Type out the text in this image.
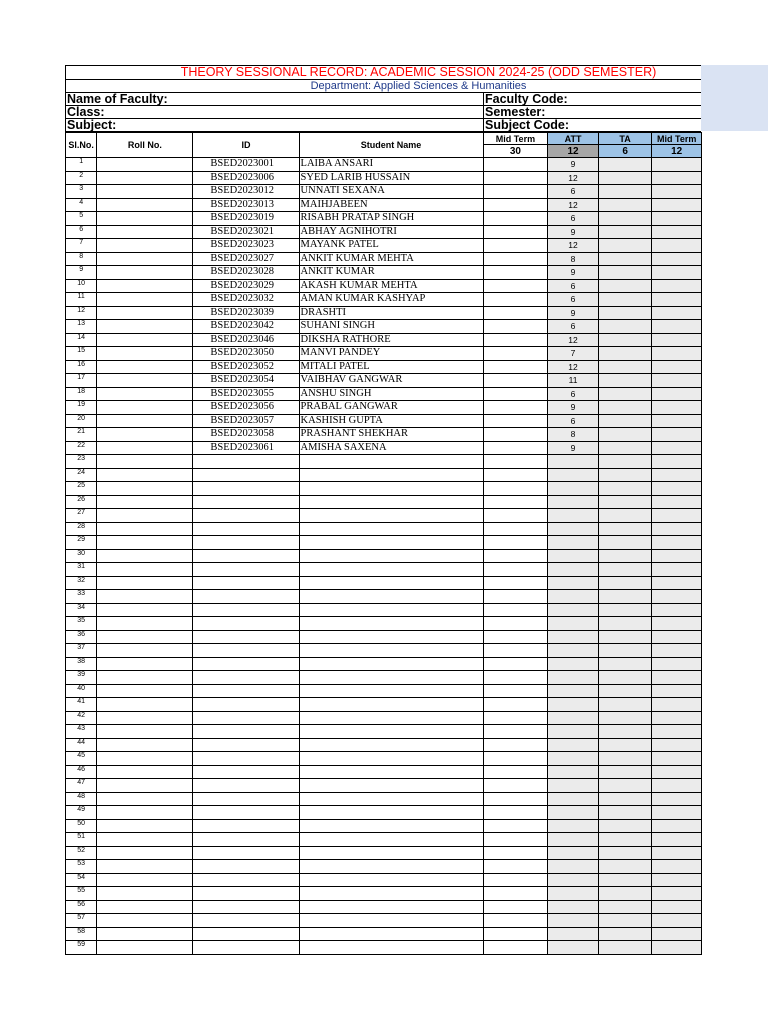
THEORY SESSIONAL RECORD: ACADEMIC SESSION 2024-25 (ODD SEMESTER)
Department: Applied Sciences & Humanities
Name of Faculty:	Faculty Code:
Class:	Semester:
Subject:	Subject Code:
Sl.No.	Roll No.	ID	Student Name	Mid Term	ATT	TA	Mid Term
				30	12	6	12
1		BSED2023001	LAIBA ANSARI		9		
2		BSED2023006	SYED LARIB HUSSAIN		12		
3		BSED2023012	UNNATI SEXANA		6		
4		BSED2023013	MAIHJABEEN		12		
5		BSED2023019	RISABH PRATAP SINGH		6		
6		BSED2023021	ABHAY AGNIHOTRI		9		
7		BSED2023023	MAYANK PATEL		12		
8		BSED2023027	ANKIT KUMAR MEHTA		8		
9		BSED2023028	ANKIT KUMAR		9		
10		BSED2023029	AKASH KUMAR MEHTA		6		
11		BSED2023032	AMAN KUMAR KASHYAP		6		
12		BSED2023039	DRASHTI		9		
13		BSED2023042	SUHANI SINGH		6		
14		BSED2023046	DIKSHA RATHORE		12		
15		BSED2023050	MANVI PANDEY		7		
16		BSED2023052	MITALI PATEL		12		
17		BSED2023054	VAIBHAV GANGWAR		11		
18		BSED2023055	ANSHU SINGH		6		
19		BSED2023056	PRABAL GANGWAR		9		
20		BSED2023057	KASHISH GUPTA		6		
21		BSED2023058	PRASHANT SHEKHAR		8		
22		BSED2023061	AMISHA SAXENA		9		
23							
24							
25							
26							
27							
28							
29							
30							
31							
32							
33							
34							
35							
36							
37							
38							
39							
40							
41							
42							
43							
44							
45							
46							
47							
48							
49							
50							
51							
52							
53							
54							
55							
56							
57							
58							
59							
